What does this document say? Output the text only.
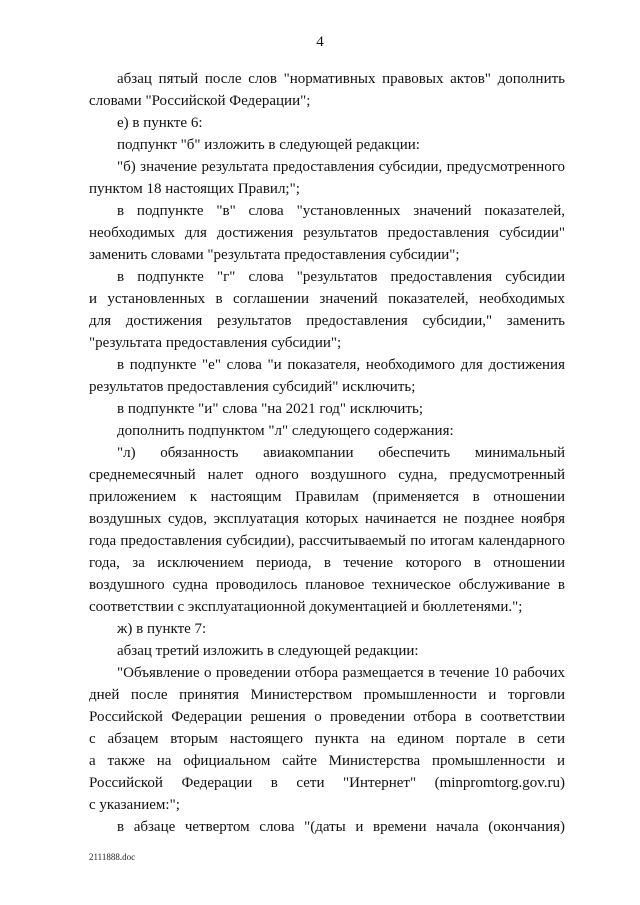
4
абзац пятый после слов "нормативных правовых актов" дополнить
словами "Российской Федерации";
е) в пункте 6:
подпункт "б" изложить в следующей редакции:
"б) значение результата предоставления субсидии, предусмотренного
пунктом 18 настоящих Правил;";
в подпункте "в" слова "установленных значений показателей,
необходимых для достижения результатов предоставления субсидии"
заменить словами "результата предоставления субсидии";
в подпункте "г" слова "результатов предоставления субсидии
и установленных в соглашении значений показателей, необходимых
для достижения результатов предоставления субсидии," заменить
"результата предоставления субсидии";
в подпункте "е" слова "и показателя, необходимого для достижения
результатов предоставления субсидий" исключить;
в подпункте "и" слова "на 2021 год" исключить;
дополнить подпунктом "л" следующего содержания:
"л) обязанность авиакомпании обеспечить минимальный
среднемесячный налет одного воздушного судна, предусмотренный
приложением к настоящим Правилам (применяется в отношении
воздушных судов, эксплуатация которых начинается не позднее ноября
года предоставления субсидии), рассчитываемый по итогам календарного
года, за исключением периода, в течение которого в отношении
воздушного судна проводилось плановое техническое обслуживание в
соответствии с эксплуатационной документацией и бюллетенями.";
ж) в пункте 7:
абзац третий изложить в следующей редакции:
"Объявление о проведении отбора размещается в течение 10 рабочих
дней после принятия Министерством промышленности и торговли
Российской Федерации решения о проведении отбора в соответствии
с абзацем вторым настоящего пункта на едином портале в сети
а также на официальном сайте Министерства промышленности и
Российской Федерации в сети "Интернет" (minpromtorg.gov.ru)
с указанием:";
в абзаце четвертом слова "(даты и времени начала (окончания)
2111888.doc
